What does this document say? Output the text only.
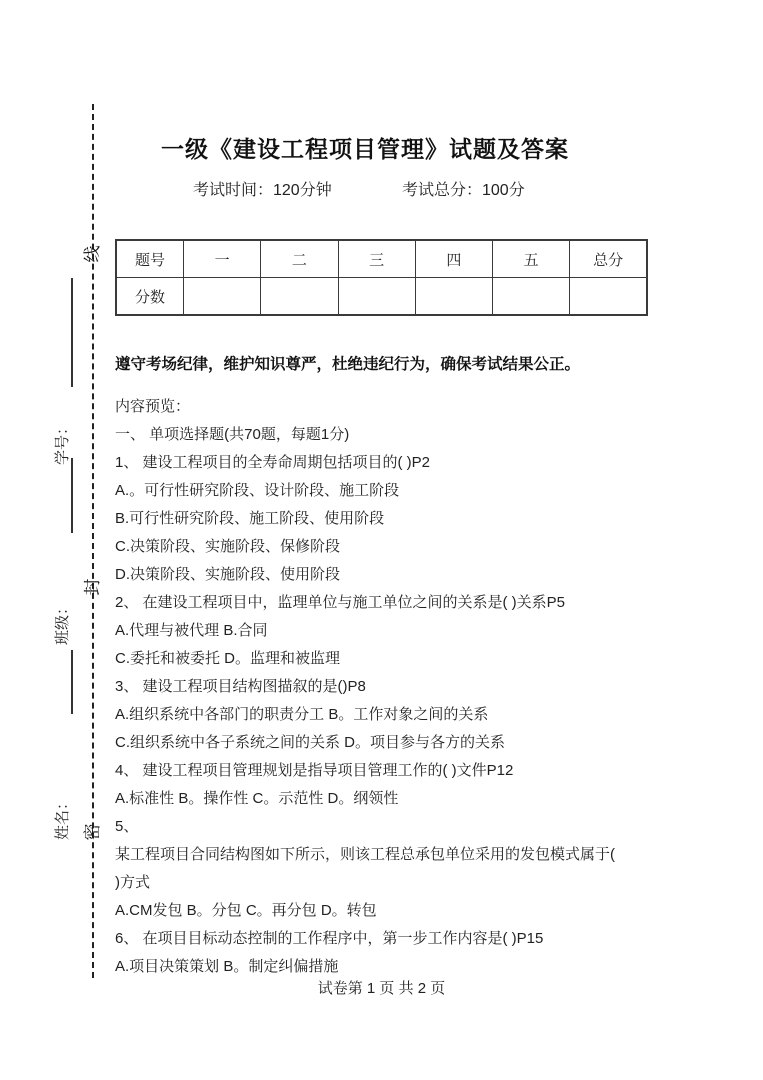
线
封
密
学号：
班级：
姓名：
一级《建设工程项目管理》试题及答案
考试时间：120分钟	考试总分：100分
题号	一	二	三	四	五	总分
分数						

遵守考场纪律，维护知识尊严，杜绝违纪行为，确保考试结果公正。

内容预览：
一、 单项选择题(共70题，每题1分)
1、 建设工程项目的全寿命周期包括项目的( )P2
A.。可行性研究阶段、设计阶段、施工阶段
B.可行性研究阶段、施工阶段、使用阶段
C.决策阶段、实施阶段、保修阶段
D.决策阶段、实施阶段、使用阶段
2、 在建设工程项目中，监理单位与施工单位之间的关系是( )关系P5
A.代理与被代理 B.合同
C.委托和被委托 D。监理和被监理
3、 建设工程项目结构图描叙的是()P8
A.组织系统中各部门的职责分工 B。工作对象之间的关系
C.组织系统中各子系统之间的关系 D。项目参与各方的关系
4、 建设工程项目管理规划是指导项目管理工作的( )文件P12
A.标准性 B。操作性 C。示范性 D。纲领性
5、
某工程项目合同结构图如下所示，则该工程总承包单位采用的发包模式属于(
)方式
A.CM发包 B。分包 C。再分包 D。转包
6、 在项目目标动态控制的工作程序中，第一步工作内容是( )P15
A.项目决策策划 B。制定纠偏措施
试卷第 1 页 共 2 页
